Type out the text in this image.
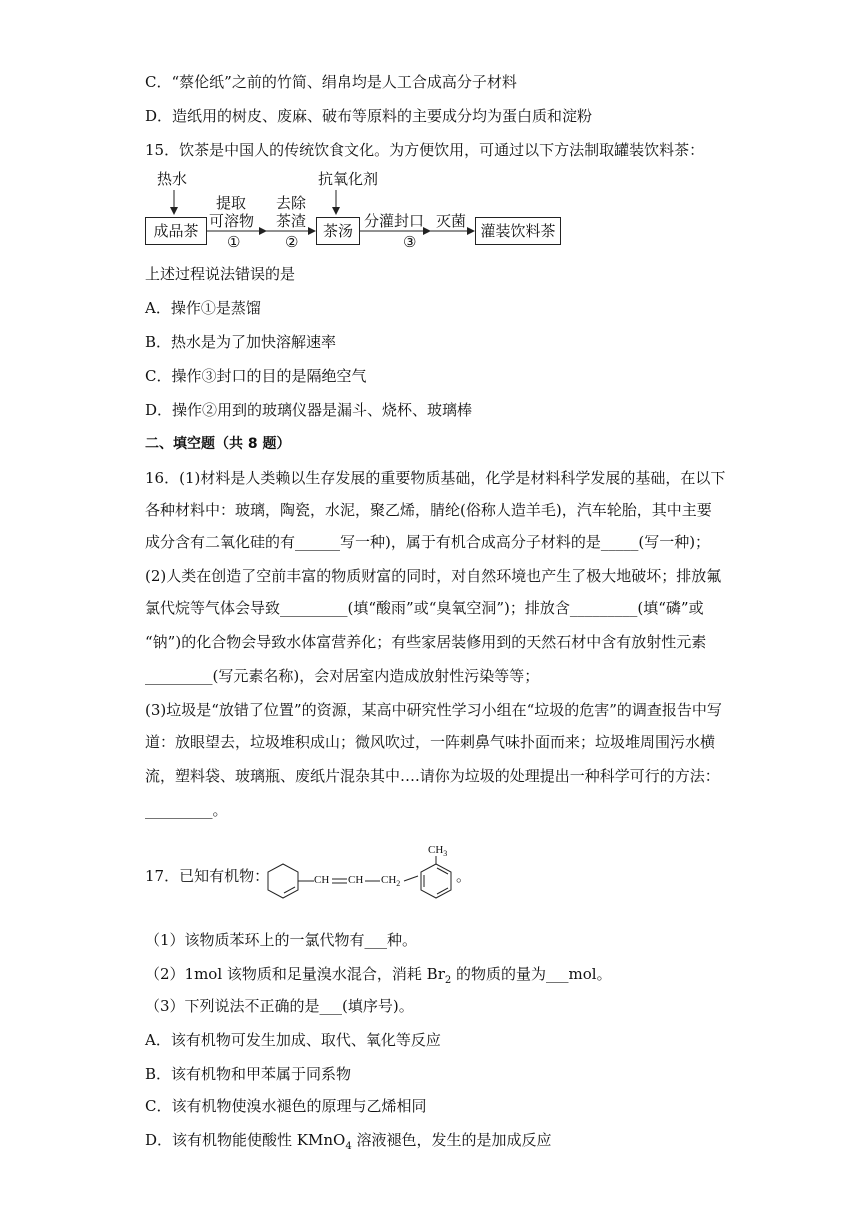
C．“蔡伦纸”之前的竹简、绢帛均是人工合成高分子材料
D．造纸用的树皮、废麻、破布等原料的主要成分均为蛋白质和淀粉
15．饮茶是中国人的传统饮食文化。为方便饮用，可通过以下方法制取罐装饮料茶：
热水	抗氧化剂
成品茶	茶汤	灌装饮料茶
提取
可溶物
①
去除
茶渣
②
分灌封口
③
灭菌
上述过程说法错误的是
A．操作①是蒸馏
B．热水是为了加快溶解速率
C．操作③封口的目的是隔绝空气
D．操作②用到的玻璃仪器是漏斗、烧杯、玻璃棒
二、填空题（共 8 题）
16．(1)材料是人类赖以生存发展的重要物质基础，化学是材料科学发展的基础，在以下
各种材料中：玻璃，陶瓷，水泥，聚乙烯，腈纶(俗称人造羊毛)，汽车轮胎，其中主要
成分含有二氧化硅的有______写一种)，属于有机合成高分子材料的是_____(写一种)；
(2)人类在创造了空前丰富的物质财富的同时，对自然环境也产生了极大地破坏；排放氟
氯代烷等气体会导致_________(填“酸雨”或“臭氧空洞”)；排放含_________(填“磷”或
“钠”)的化合物会导致水体富营养化；有些家居装修用到的天然石材中含有放射性元素
_________(写元素名称)，会对居室内造成放射性污染等等；
(3)垃圾是“放错了位置”的资源，某高中研究性学习小组在“垃圾的危害”的调查报告中写
道：放眼望去，垃圾堆积成山；微风吹过，一阵刺鼻气味扑面而来；垃圾堆周围污水横
流，塑料袋、玻璃瓶、废纸片混杂其中….请你为垃圾的处理提出一种科学可行的方法：
_________。
17．已知有机物：
$CH_3$
CH CH $CH_2$	。
（1）该物质苯环上的一氯代物有___种。
（2）1mol 该物质和足量溴水混合，消耗 $Br_2$ 的物质的量为___mol。
（3）下列说法不正确的是___(填序号)。
A．该有机物可发生加成、取代、氧化等反应
B．该有机物和甲苯属于同系物
C．该有机物使溴水褪色的原理与乙烯相同
D．该有机物能使酸性 KMnO$_4$ 溶液褪色，发生的是加成反应
